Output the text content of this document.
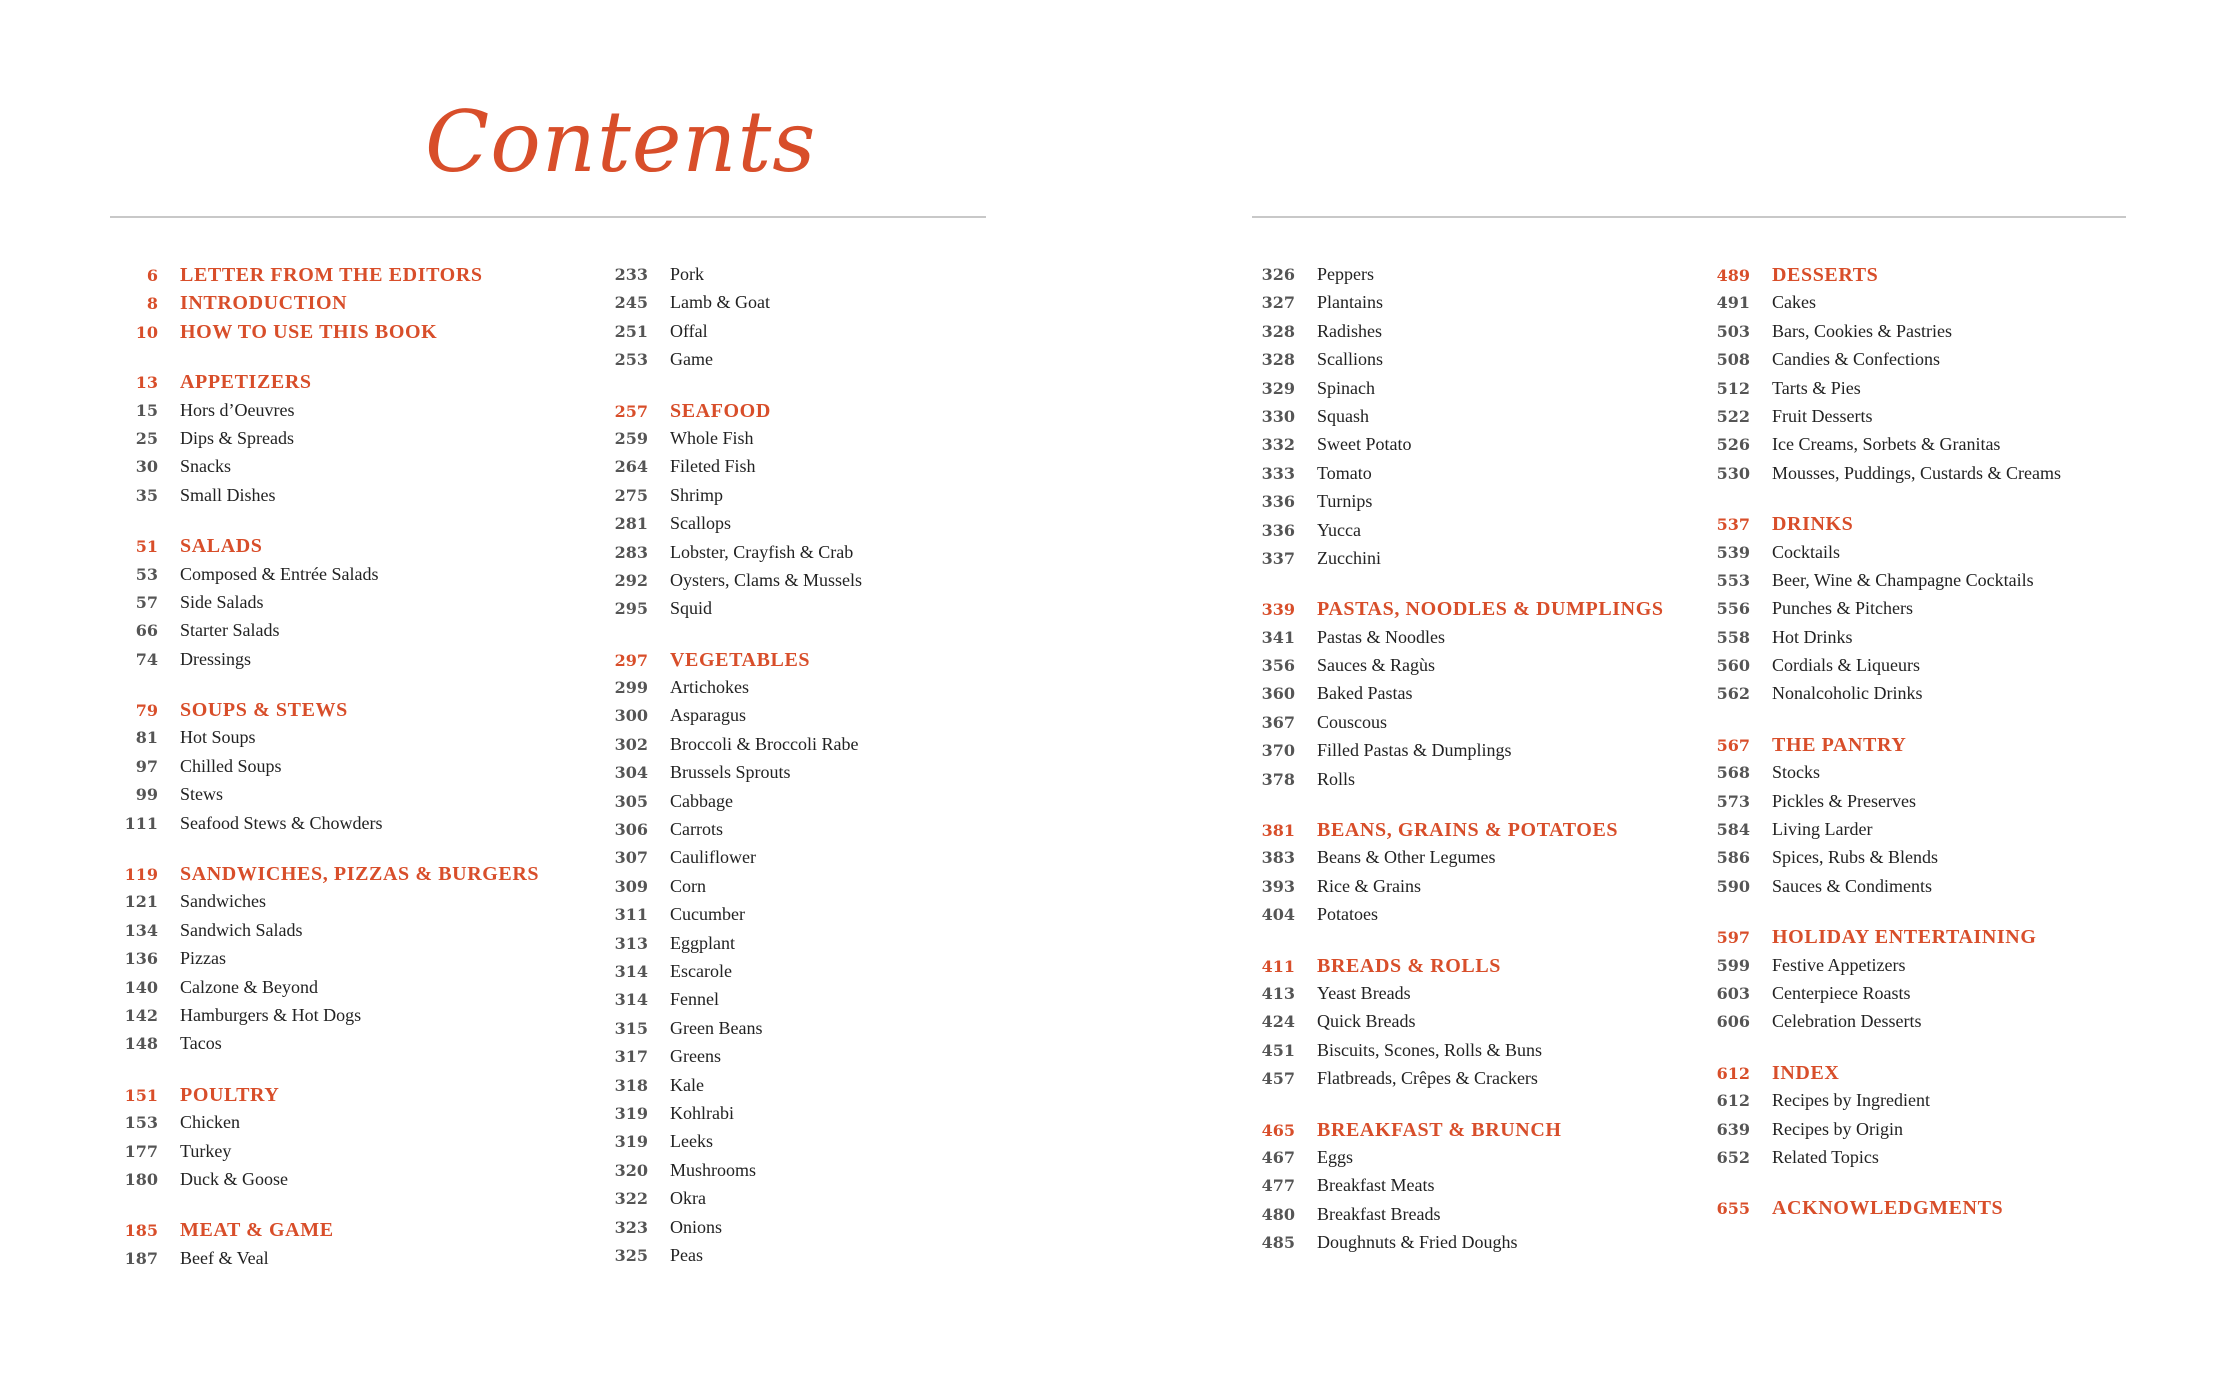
Contents
6 LETTER FROM THE EDITORS
8 INTRODUCTION
10 HOW TO USE THIS BOOK
13 APPETIZERS
15 Hors d’Oeuvres
25 Dips & Spreads
30 Snacks
35 Small Dishes
51 SALADS
53 Composed & Entrée Salads
57 Side Salads
66 Starter Salads
74 Dressings
79 SOUPS & STEWS
81 Hot Soups
97 Chilled Soups
99 Stews
111 Seafood Stews & Chowders
119 SANDWICHES, PIZZAS & BURGERS
121 Sandwiches
134 Sandwich Salads
136 Pizzas
140 Calzone & Beyond
142 Hamburgers & Hot Dogs
148 Tacos
151 POULTRY
153 Chicken
177 Turkey
180 Duck & Goose
185 MEAT & GAME
187 Beef & Veal
233 Pork
245 Lamb & Goat
251 Offal
253 Game
257 SEAFOOD
259 Whole Fish
264 Fileted Fish
275 Shrimp
281 Scallops
283 Lobster, Crayfish & Crab
292 Oysters, Clams & Mussels
295 Squid
297 VEGETABLES
299 Artichokes
300 Asparagus
302 Broccoli & Broccoli Rabe
304 Brussels Sprouts
305 Cabbage
306 Carrots
307 Cauliflower
309 Corn
311 Cucumber
313 Eggplant
314 Escarole
314 Fennel
315 Green Beans
317 Greens
318 Kale
319 Kohlrabi
319 Leeks
320 Mushrooms
322 Okra
323 Onions
325 Peas
326 Peppers
327 Plantains
328 Radishes
328 Scallions
329 Spinach
330 Squash
332 Sweet Potato
333 Tomato
336 Turnips
336 Yucca
337 Zucchini
339 PASTAS, NOODLES & DUMPLINGS
341 Pastas & Noodles
356 Sauces & Ragùs
360 Baked Pastas
367 Couscous
370 Filled Pastas & Dumplings
378 Rolls
381 BEANS, GRAINS & POTATOES
383 Beans & Other Legumes
393 Rice & Grains
404 Potatoes
411 BREADS & ROLLS
413 Yeast Breads
424 Quick Breads
451 Biscuits, Scones, Rolls & Buns
457 Flatbreads, Crêpes & Crackers
465 BREAKFAST & BRUNCH
467 Eggs
477 Breakfast Meats
480 Breakfast Breads
485 Doughnuts & Fried Doughs
489 DESSERTS
491 Cakes
503 Bars, Cookies & Pastries
508 Candies & Confections
512 Tarts & Pies
522 Fruit Desserts
526 Ice Creams, Sorbets & Granitas
530 Mousses, Puddings, Custards & Creams
537 DRINKS
539 Cocktails
553 Beer, Wine & Champagne Cocktails
556 Punches & Pitchers
558 Hot Drinks
560 Cordials & Liqueurs
562 Nonalcoholic Drinks
567 THE PANTRY
568 Stocks
573 Pickles & Preserves
584 Living Larder
586 Spices, Rubs & Blends
590 Sauces & Condiments
597 HOLIDAY ENTERTAINING
599 Festive Appetizers
603 Centerpiece Roasts
606 Celebration Desserts
612 INDEX
612 Recipes by Ingredient
639 Recipes by Origin
652 Related Topics
655 ACKNOWLEDGMENTS
